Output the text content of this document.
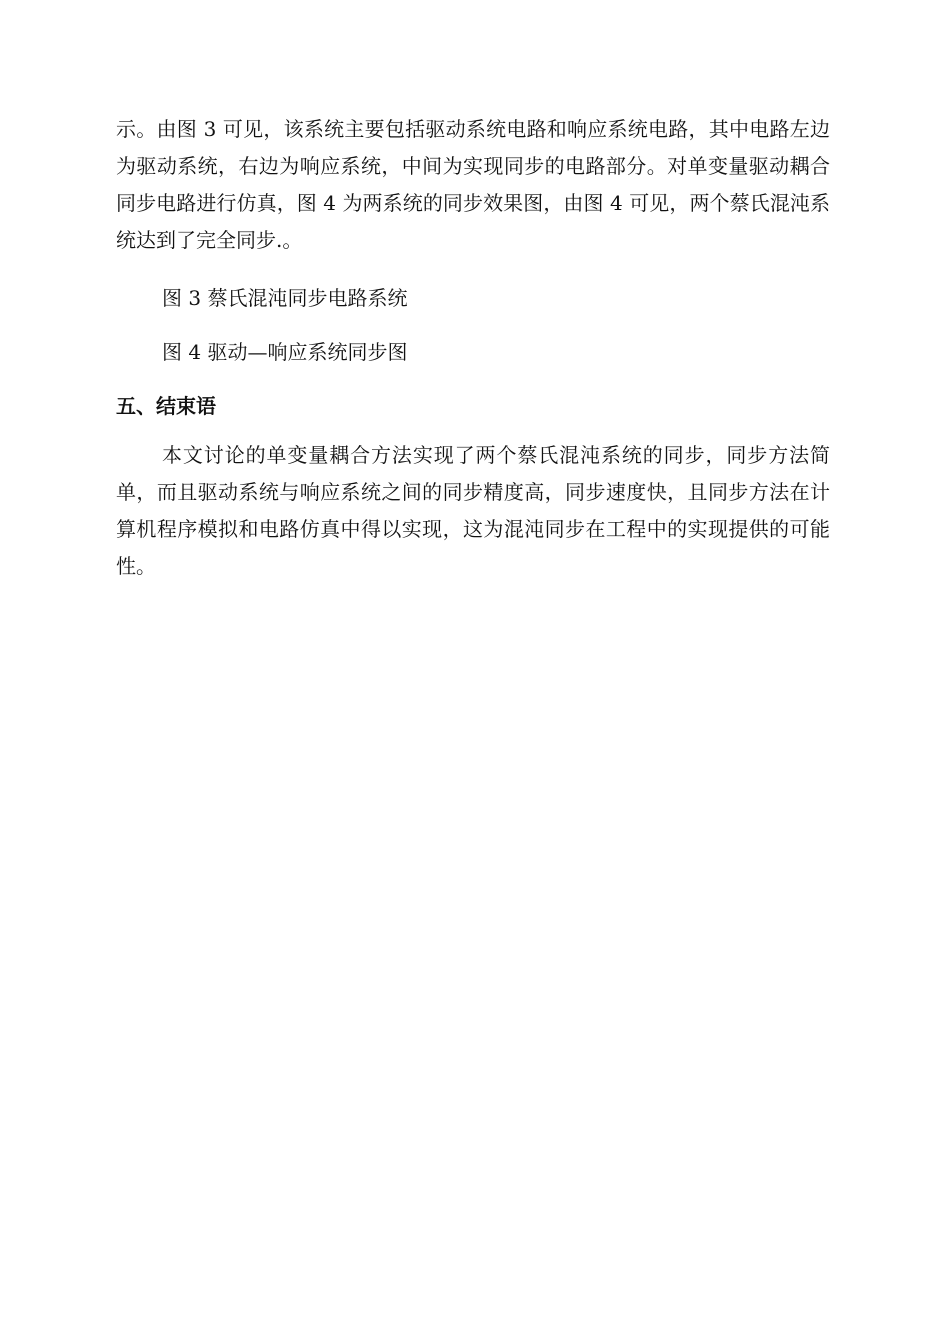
示。由图 3 可见，该系统主要包括驱动系统电路和响应系统电路，其中电路左边为驱动系统，右边为响应系统，中间为实现同步的电路部分。对单变量驱动耦合同步电路进行仿真，图 4 为两系统的同步效果图，由图 4 可见，两个蔡氏混沌系统达到了完全同步.。

图 3 蔡氏混沌同步电路系统

图 4 驱动—响应系统同步图

五、结束语

本文讨论的单变量耦合方法实现了两个蔡氏混沌系统的同步，同步方法简单，而且驱动系统与响应系统之间的同步精度高，同步速度快，且同步方法在计算机程序模拟和电路仿真中得以实现，这为混沌同步在工程中的实现提供的可能性。
